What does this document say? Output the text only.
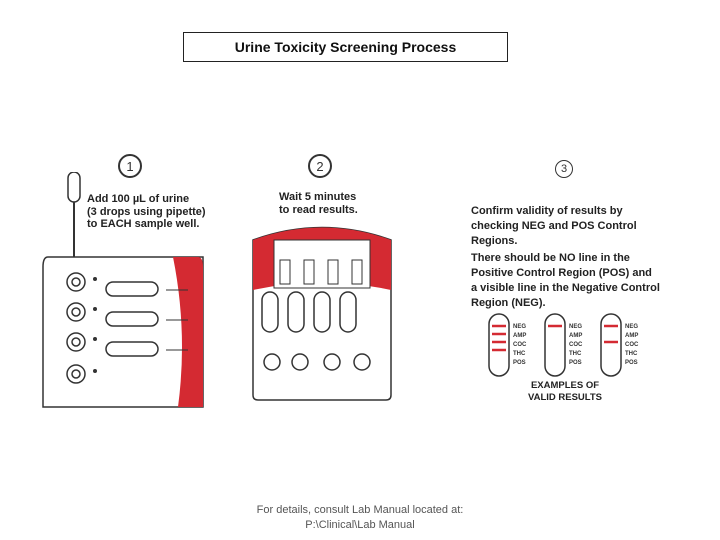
Urine Toxicity Screening Process
1
Add 100 µL of urine
(3 drops using pipette)
to EACH sample well.
2
Wait 5 minutes
to read results.
3

Confirm validity of results by checking NEG and POS Control Regions.

There should be NO line in the Positive Control Region (POS) and a visible line in the Negative Control Region (NEG).

EXAMPLES OF
VALID RESULTS
NEG
AMP
COC
THC
POS
NEG
AMP
COC
THC
POS
NEG
AMP
COC
THC
POS
For details, consult Lab Manual located at:
P:\Clinical\Lab Manual
